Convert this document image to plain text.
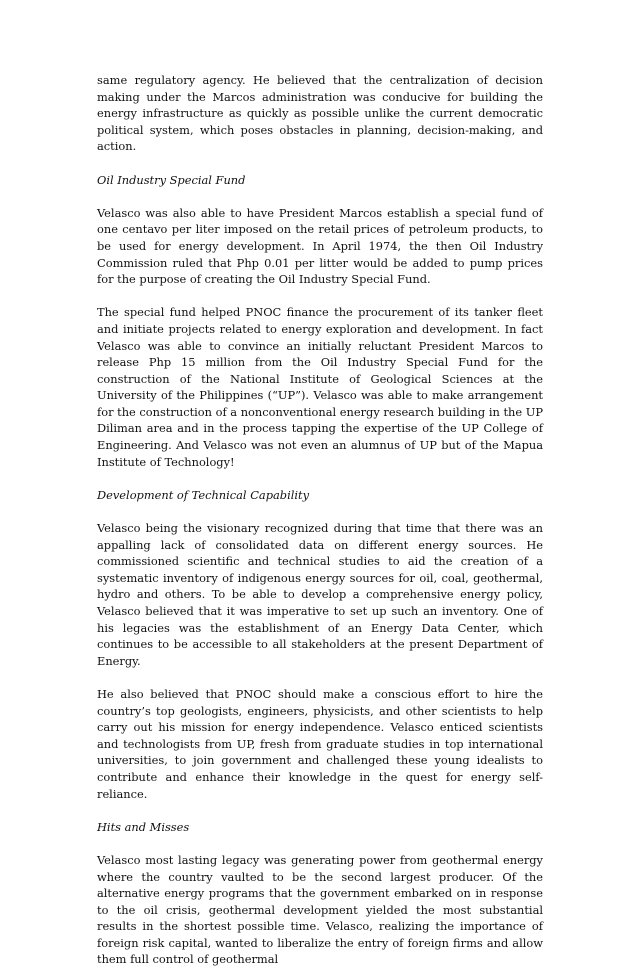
same regulatory agency. He believed that the centralization of decision making under the Marcos administration was conducive for building the energy infrastructure as quickly as possible unlike the current democratic political system, which poses obstacles in planning, decision-making, and action.

Oil Industry Special Fund

Velasco was also able to have President Marcos establish a special fund of one centavo per liter imposed on the retail prices of petroleum products, to be used for energy development. In April 1974, the then Oil Industry Commission ruled that Php 0.01 per litter would be added to pump prices for the purpose of creating the Oil Industry Special Fund.

The special fund helped PNOC finance the procurement of its tanker fleet and initiate projects related to energy exploration and development. In fact Velasco was able to convince an initially reluctant President Marcos to release Php 15 million from the Oil Industry Special Fund for the construction of the National Institute of Geological Sciences at the University of the Philippines (“UP”). Velasco was able to make arrangement for the construction of a nonconventional energy research building in the UP Diliman area and in the process tapping the expertise of the UP College of Engineering. And Velasco was not even an alumnus of UP but of the Mapua Institute of Technology!

Development of Technical Capability

Velasco being the visionary recognized during that time that there was an appalling lack of consolidated data on different energy sources. He commissioned scientific and technical studies to aid the creation of a systematic inventory of indigenous energy sources for oil, coal, geothermal, hydro and others. To be able to develop a comprehensive energy policy, Velasco believed that it was imperative to set up such an inventory. One of his legacies was the establishment of an Energy Data Center, which continues to be accessible to all stakeholders at the present Department of Energy.

He also believed that PNOC should make a conscious effort to hire the country’s top geologists, engineers, physicists, and other scientists to help carry out his mission for energy independence. Velasco enticed scientists and technologists from UP, fresh from graduate studies in top international universities, to join government and challenged these young idealists to contribute and enhance their knowledge in the quest for energy self-reliance.

Hits and Misses

Velasco most lasting legacy was generating power from geothermal energy where the country vaulted to be the second largest producer. Of the alternative energy programs that the government embarked on in response to the oil crisis, geothermal development yielded the most substantial results in the shortest possible time. Velasco, realizing the importance of foreign risk capital, wanted to liberalize the entry of foreign firms and allow them full control of geothermal
